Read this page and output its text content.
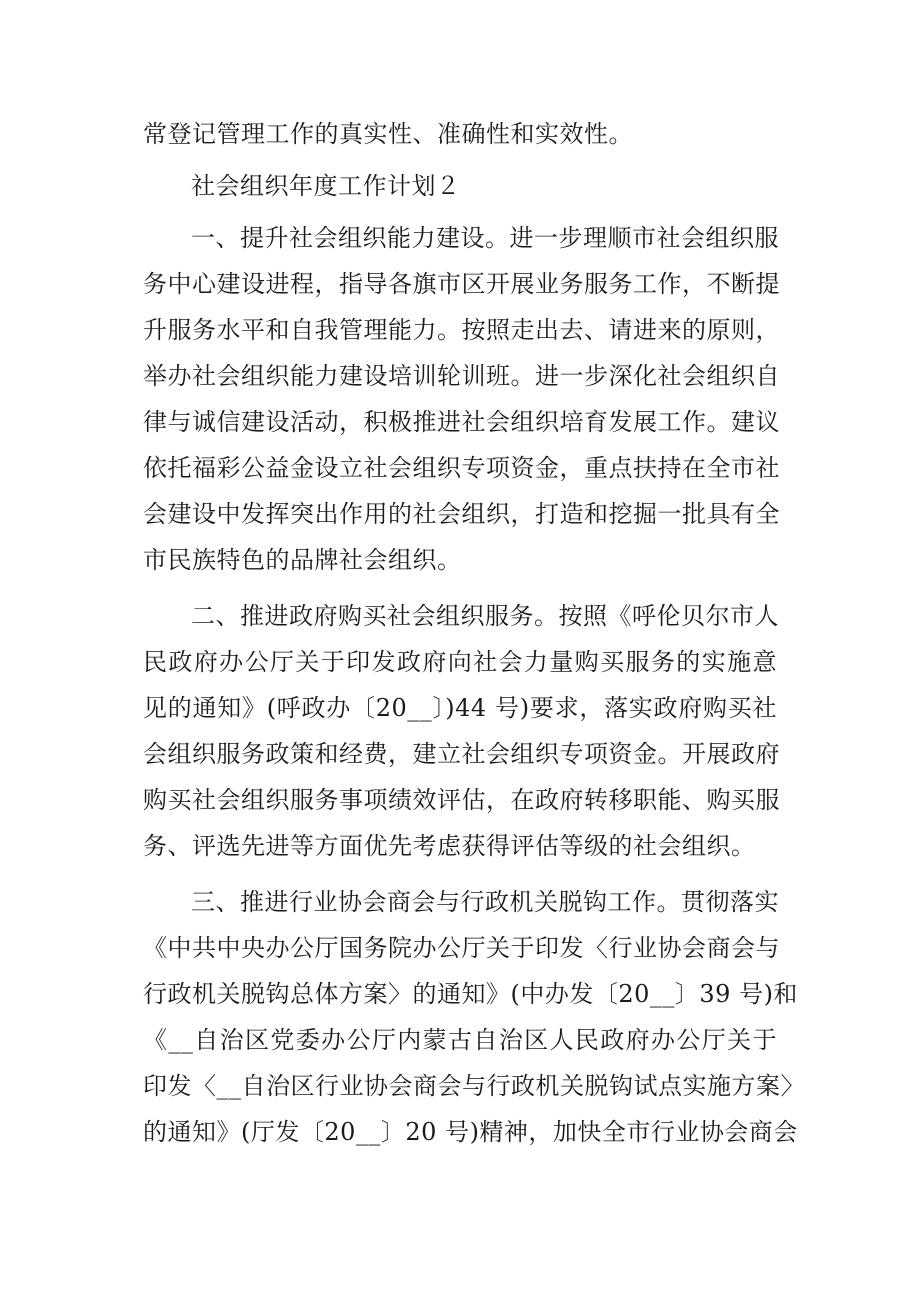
常登记管理工作的真实性、准确性和实效性。
社会组织年度工作计划２
一、提升社会组织能力建设。进一步理顺市社会组织服
务中心建设进程，指导各旗市区开展业务服务工作，不断提
升服务水平和自我管理能力。按照走出去、请进来的原则，
举办社会组织能力建设培训轮训班。进一步深化社会组织自
律与诚信建设活动，积极推进社会组织培育发展工作。建议
依托福彩公益金设立社会组织专项资金，重点扶持在全市社
会建设中发挥突出作用的社会组织，打造和挖掘一批具有全
市民族特色的品牌社会组织。
二、推进政府购买社会组织服务。按照《呼伦贝尔市人
民政府办公厅关于印发政府向社会力量购买服务的实施意
见的通知》(呼政办〔20__〕)44 号)要求，落实政府购买社
会组织服务政策和经费，建立社会组织专项资金。开展政府
购买社会组织服务事项绩效评估，在政府转移职能、购买服
务、评选先进等方面优先考虑获得评估等级的社会组织。
三、推进行业协会商会与行政机关脱钩工作。贯彻落实
《中共中央办公厅国务院办公厅关于印发〈行业协会商会与
行政机关脱钩总体方案〉的通知》(中办发〔20__〕39 号)和
《__自治区党委办公厅内蒙古自治区人民政府办公厅关于
印发〈__自治区行业协会商会与行政机关脱钩试点实施方案〉
的通知》(厅发〔20__〕20 号)精神，加快全市行业协会商会
